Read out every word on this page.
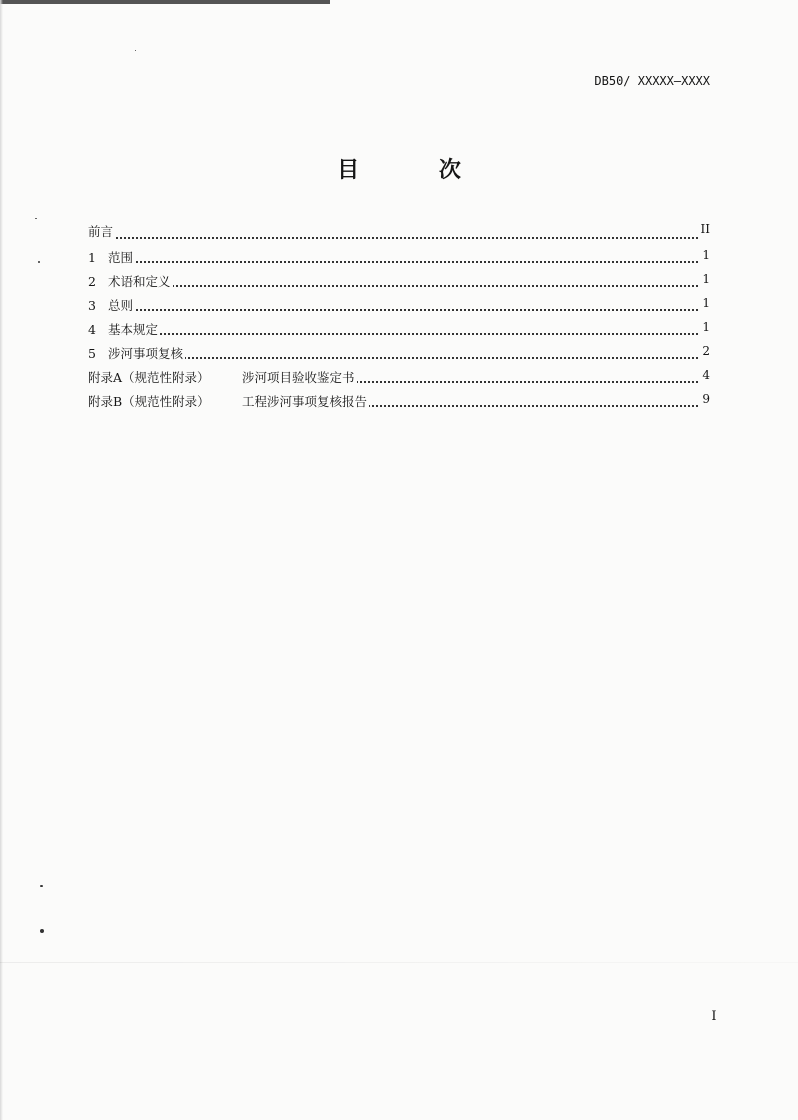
DB50/ XXXXX—XXXX
目 次
前言	II
1 范围	1
2 术语和定义	1
3 总则	1
4 基本规定	1
5 涉河事项复核	2
附录A（规范性附录）	涉河项目验收鉴定书	4
附录B（规范性附录）	工程涉河事项复核报告	9
I
